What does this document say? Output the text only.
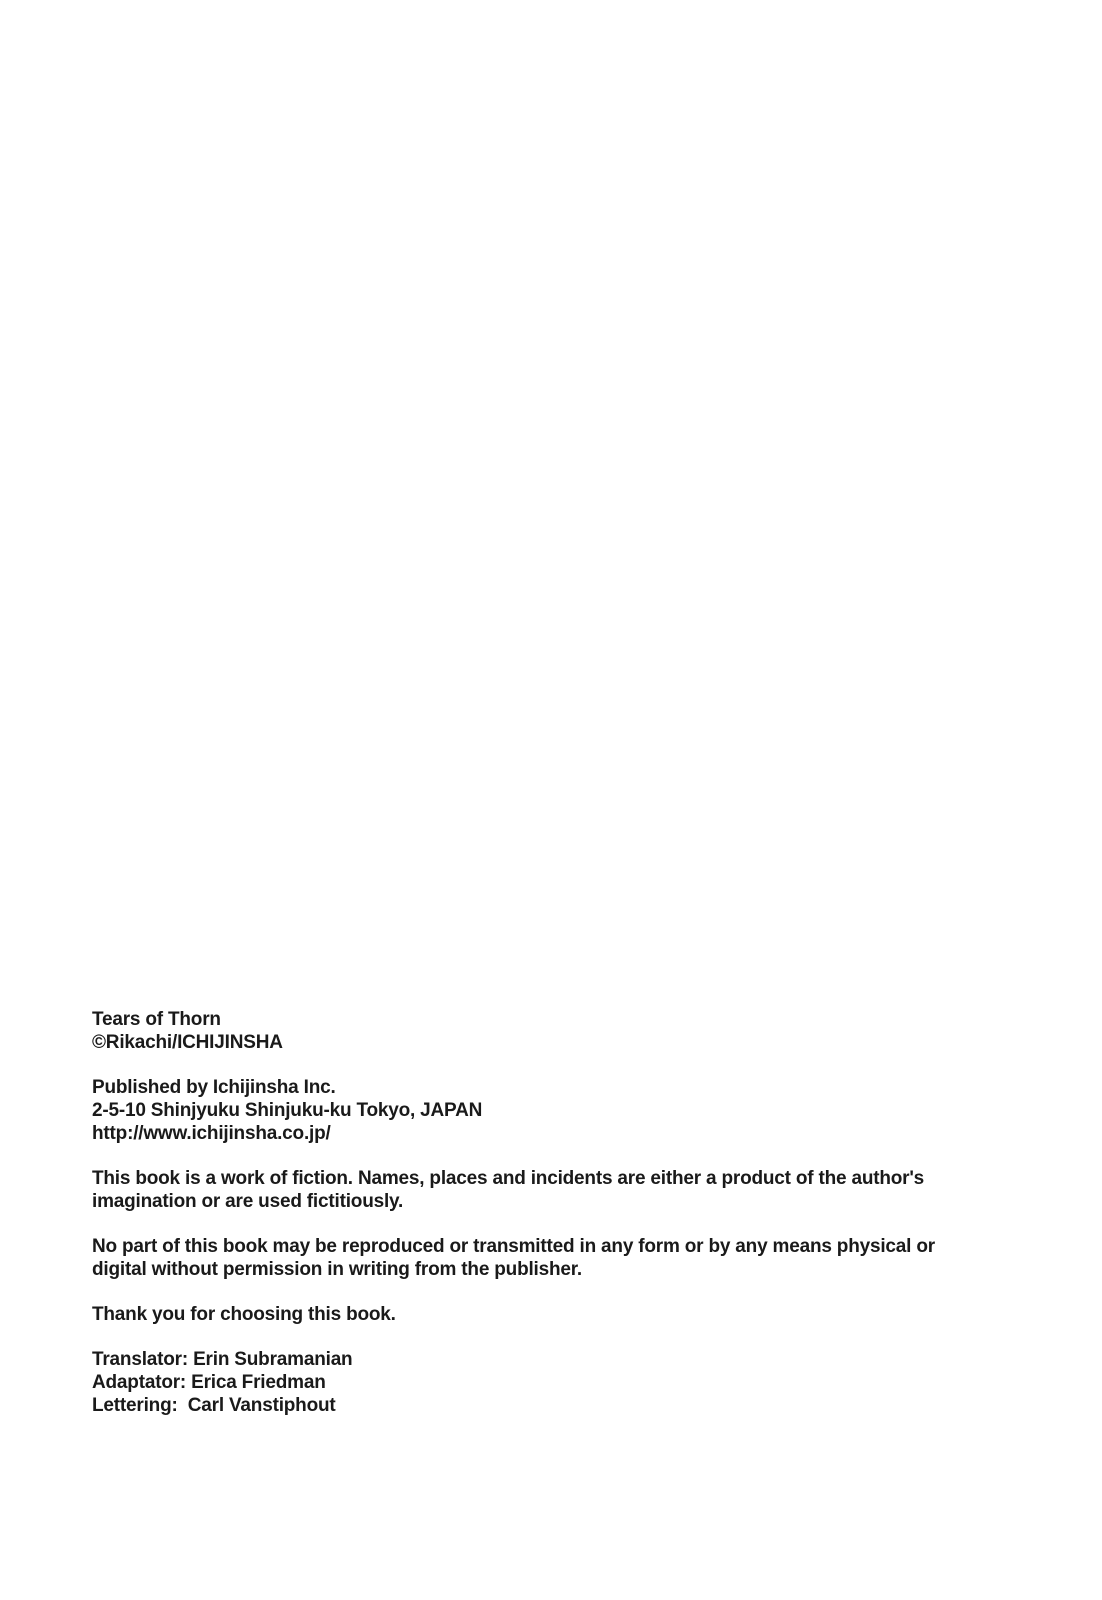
Tears of Thorn
©Rikachi/ICHIJINSHA
Published by Ichijinsha Inc.
2-5-10 Shinjyuku Shinjuku-ku Tokyo, JAPAN
http://www.ichijinsha.co.jp/
This book is a work of fiction. Names, places and incidents are either a product of the author's imagination or are used fictitiously.
No part of this book may be reproduced or transmitted in any form or by any means physical or digital without permission in writing from the publisher.
Thank you for choosing this book.
Translator: Erin Subramanian
Adaptator: Erica Friedman
Lettering:  Carl Vanstiphout
